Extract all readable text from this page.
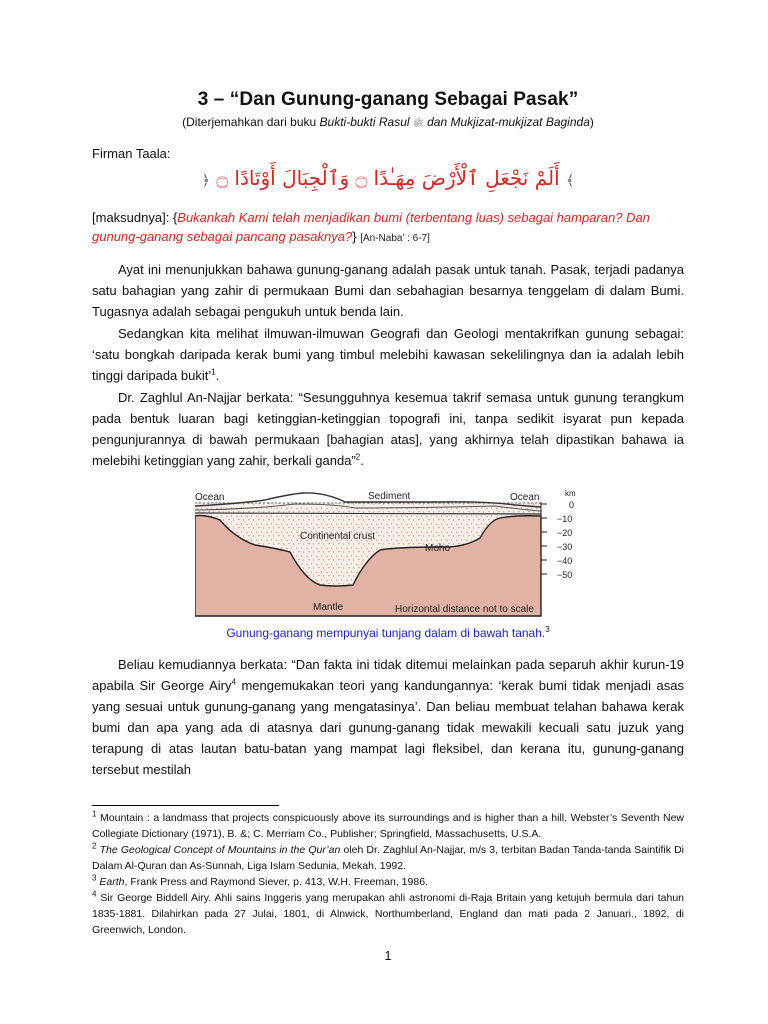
3 – “Dan Gunung-ganang Sebagai Pasak”
(Diterjemahkan dari buku Bukti-bukti Rasul ﷺ dan Mukjizat-mukjizat Baginda)
Firman Taala:
﴾ أَلَمْ نَجْعَلِ ٱلْأَرْضَ مِهَـٰدًا ۝ وَٱلْجِبَالَ أَوْتَادًا ۝ ﴿
[maksudnya]: {Bukankah Kami telah menjadikan bumi (terbentang luas) sebagai hamparan? Dan gunung-ganang sebagai pancang pasaknya?} [An-Naba’ : 6-7]
Ayat ini menunjukkan bahawa gunung-ganang adalah pasak untuk tanah. Pasak, terjadi padanya satu bahagian yang zahir di permukaan Bumi dan sebahagian besarnya tenggelam di dalam Bumi. Tugasnya adalah sebagai pengukuh untuk benda lain.
Sedangkan kita melihat ilmuwan-ilmuwan Geografi dan Geologi mentakrifkan gunung sebagai: ‘satu bongkah daripada kerak bumi yang timbul melebihi kawasan sekelilingnya dan ia adalah lebih tinggi daripada bukit’$^1$.
Dr. Zaghlul An-Najjar berkata: “Sesungguhnya kesemua takrif semasa untuk gunung terangkum pada bentuk luaran bagi ketinggian-ketinggian topografi ini, tanpa sedikit isyarat pun kepada pengunjurannya di bawah permukaan [bahagian atas], yang akhirnya telah dipastikan bahawa ia melebihi ketinggian yang zahir, berkali ganda”$^2$.
Gunung-ganang mempunyai tunjang dalam di bawah tanah.$^3$
Beliau kemudiannya berkata: “Dan fakta ini tidak ditemui melainkan pada separuh akhir kurun-19 apabila Sir George Airy$^4$ mengemukakan teori yang kandungannya: ‘kerak bumi tidak menjadi asas yang sesuai untuk gunung-ganang yang mengatasinya’. Dan beliau membuat telahan bahawa kerak bumi dan apa yang ada di atasnya dari gunung-ganang tidak mewakili kecuali satu juzuk yang terapung di atas lautan batu-batan yang mampat lagi fleksibel, dan kerana itu, gunung-ganang tersebut mestilah
$^1$ Mountain : a landmass that projects conspicuously above its surroundings and is higher than a hill. Webster’s Seventh New Collegiate Dictionary (1971), B. &; C. Merriam Co., Publisher; Springfield, Massachusetts, U.S.A.
$^2$ The Geological Concept of Mountains in the Qur’an oleh Dr. Zaghlul An-Najjar, m/s 3, terbitan Badan Tanda-tanda Saintifik Di Dalam Al-Quran dan As-Sunnah, Liga Islam Sedunia, Mekah. 1992.
$^3$ Earth, Frank Press and Raymond Siever, p. 413, W.H. Freeman, 1986.
$^4$ Sir George Biddell Airy. Ahli sains Inggeris yang merupakan ahli astronomi di-Raja Britain yang ketujuh bermula dari tahun 1835-1881. Dilahirkan pada 27 Julai, 1801, di Alnwick, Northumberland, England dan mati pada 2 Januari., 1892, di Greenwich, London.
1
Ocean	Sediment	Ocean	km
Continental crust
Moho
Mantle	Horizontal distance not to scale
0
−10
−20
−30
−40
−50
